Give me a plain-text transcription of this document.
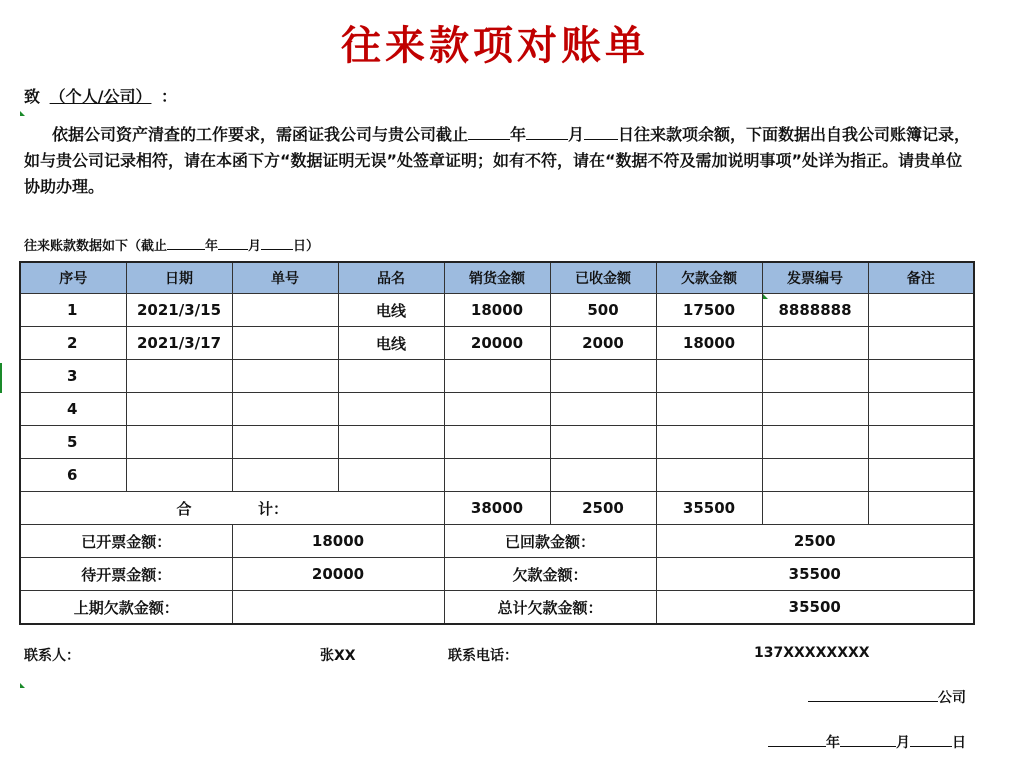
往来款项对账单
致 （个人/公司） ：
依据公司资产清查的工作要求，需函证我公司与贵公司截止	年	月 日往来款项余额，下面数据出自我公司账簿记录，如与贵公司记录相符，请在本函下方“数据证明无误”处签章证明；如有不符，请在“数据不符及需加说明事项”处详为指正。请贵单位协助办理。
往来账款数据如下（截止	年 月 日）
序号	日期	单号	品名	销货金额	已收金额	欠款金额	发票编号	备注
1	2021/3/15		电线	18000	500	17500	8888888	
2	2021/3/17		电线	20000	2000	18000		
3								
4								
5								
6								
合 计：				38000	2500	35500		
已开票金额：		18000		已回款金额：		2500		
待开票金额：		20000		欠款金额：		35500		
上期欠款金额：				总计欠款金额：		35500		
联系人：	张XX	联系电话：	137XXXXXXXX
公司
年	月	日
